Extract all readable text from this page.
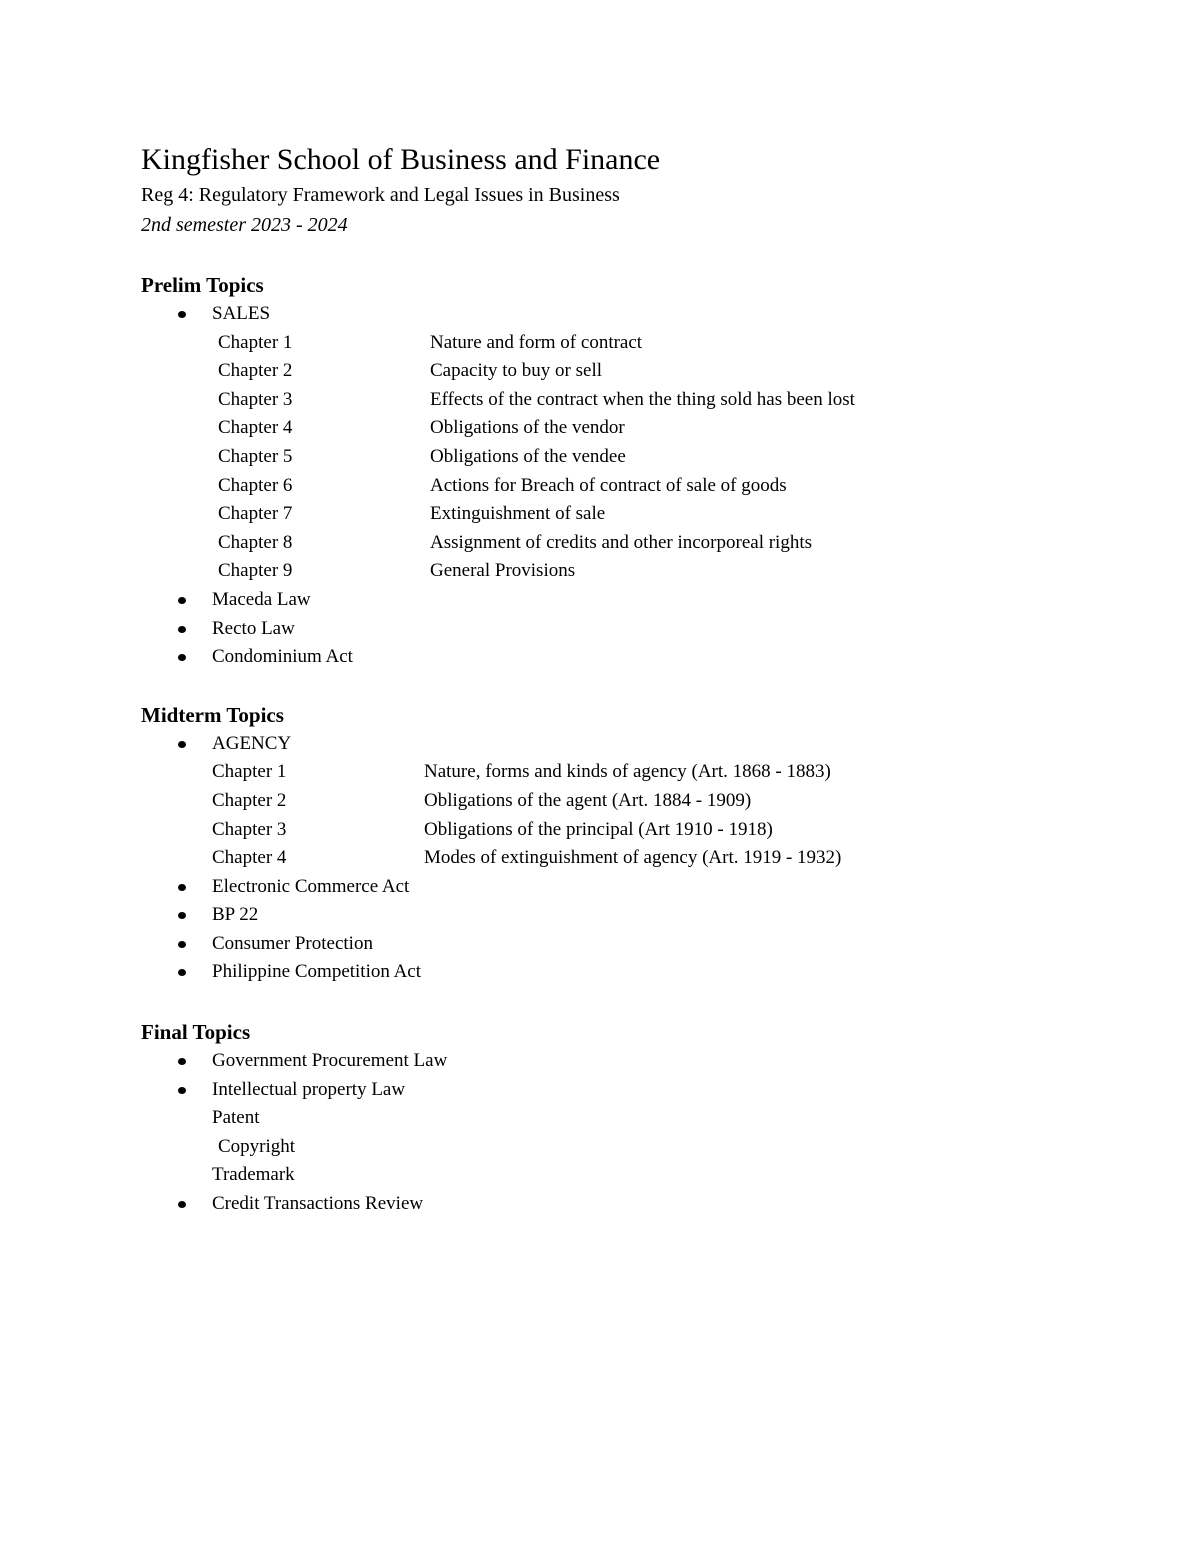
Kingfisher School of Business and Finance

Reg 4: Regulatory Framework and Legal Issues in Business

2nd semester 2023 - 2024

Prelim Topics
SALES
Chapter 1	Nature and form of contract
Chapter 2	Capacity to buy or sell
Chapter 3	Effects of the contract when the thing sold has been lost
Chapter 4	Obligations of the vendor
Chapter 5	Obligations of the vendee
Chapter 6	Actions for Breach of contract of sale of goods
Chapter 7	Extinguishment of sale
Chapter 8	Assignment of credits and other incorporeal rights
Chapter 9	General Provisions
Maceda Law
Recto Law
Condominium Act
Midterm Topics
AGENCY
Chapter 1	Nature, forms and kinds of agency (Art. 1868 - 1883)
Chapter 2	Obligations of the agent (Art. 1884 - 1909)
Chapter 3	Obligations of the principal (Art 1910 - 1918)
Chapter 4	Modes of extinguishment of agency (Art. 1919 - 1932)
Electronic Commerce Act
BP 22
Consumer Protection
Philippine Competition Act
Final Topics
Government Procurement Law
Intellectual property Law
Patent
Copyright
Trademark
Credit Transactions Review
